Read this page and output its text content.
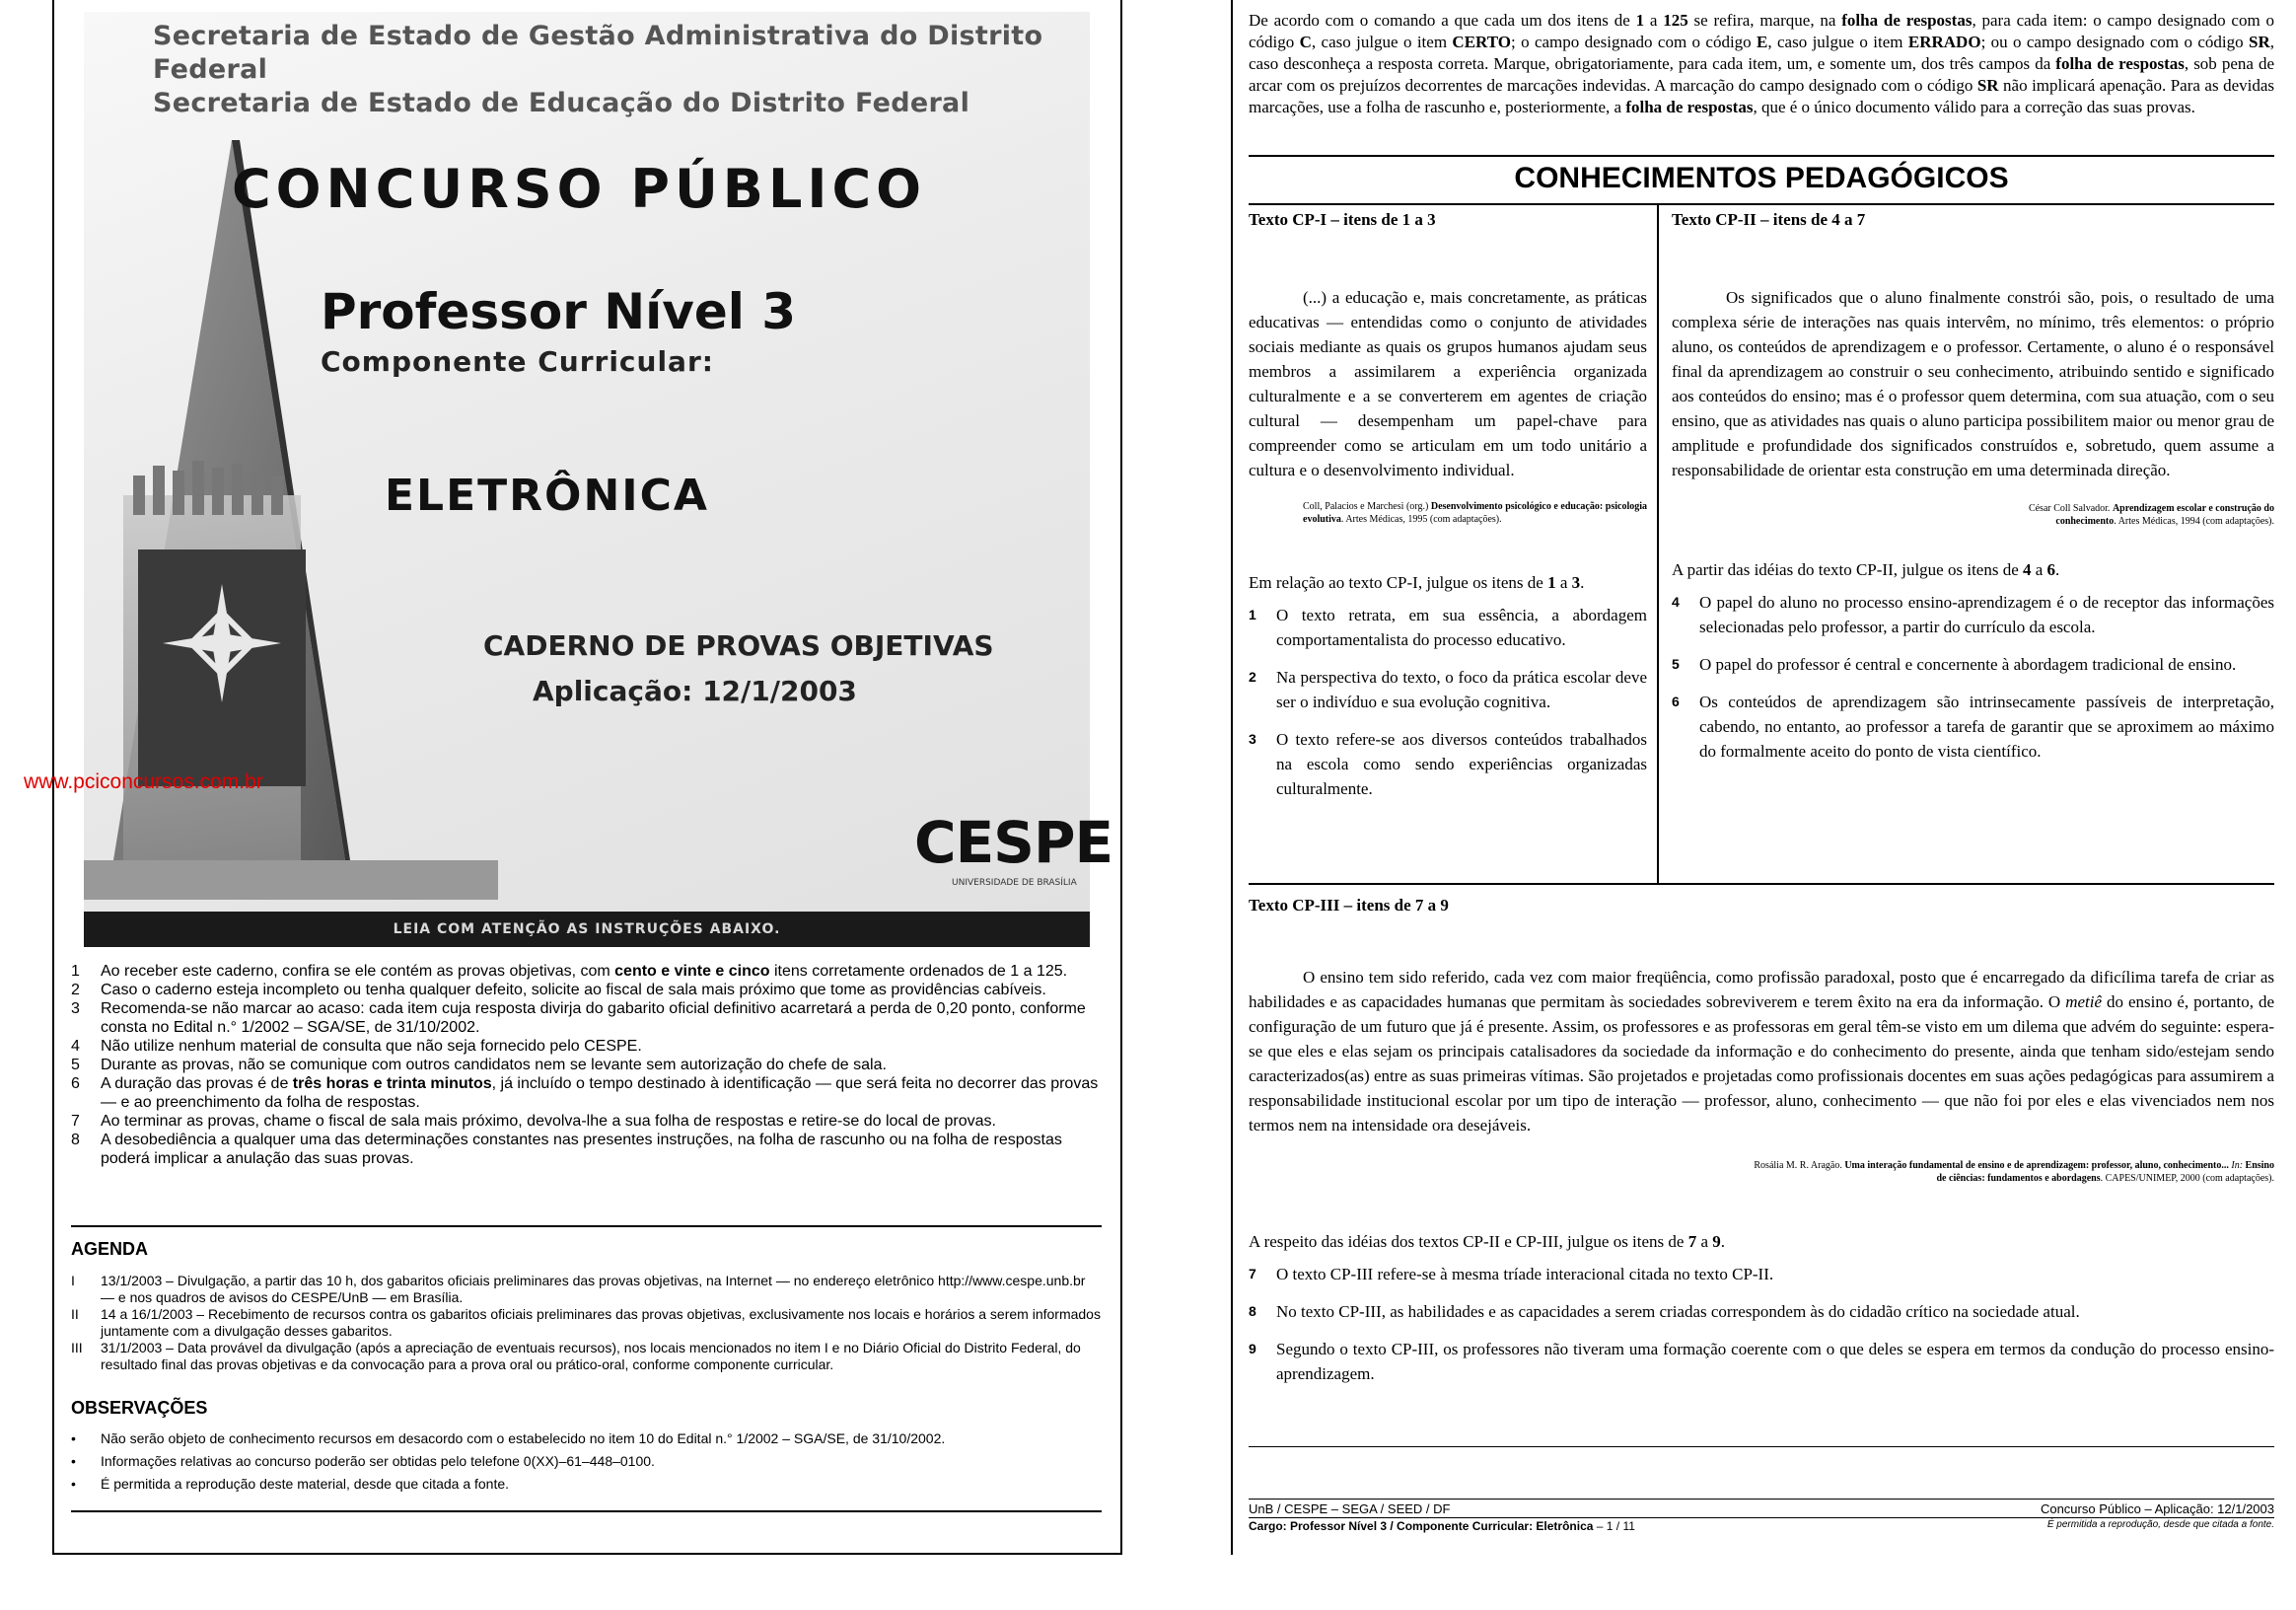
Secretaria de Estado de Gestão Administrativa do Distrito Federal
Secretaria de Estado de Educação do Distrito Federal
CONCURSO PÚBLICO
Professor Nível 3
Componente Curricular:
ELETRÔNICA
CADERNO DE PROVAS OBJETIVAS
Aplicação: 12/1/2003
CESPE
UNIVERSIDADE DE BRASÍLIA
LEIA COM ATENÇÃO AS INSTRUÇÕES ABAIXO.
www.pciconcursos.com.br
1	Ao receber este caderno, confira se ele contém as provas objetivas, com cento e vinte e cinco itens corretamente ordenados de 1 a 125.
2	Caso o caderno esteja incompleto ou tenha qualquer defeito, solicite ao fiscal de sala mais próximo que tome as providências cabíveis.
3	Recomenda-se não marcar ao acaso: cada item cuja resposta divirja do gabarito oficial definitivo acarretará a perda de 0,20 ponto, conforme consta no Edital n.° 1/2002 – SGA/SE, de 31/10/2002.
4	Não utilize nenhum material de consulta que não seja fornecido pelo CESPE.
5	Durante as provas, não se comunique com outros candidatos nem se levante sem autorização do chefe de sala.
6	A duração das provas é de três horas e trinta minutos, já incluído o tempo destinado à identificação — que será feita no decorrer das provas — e ao preenchimento da folha de respostas.
7	Ao terminar as provas, chame o fiscal de sala mais próximo, devolva-lhe a sua folha de respostas e retire-se do local de provas.
8	A desobediência a qualquer uma das determinações constantes nas presentes instruções, na folha de rascunho ou na folha de respostas poderá implicar a anulação das suas provas.
AGENDA
I	13/1/2003 – Divulgação, a partir das 10 h, dos gabaritos oficiais preliminares das provas objetivas, na Internet — no endereço eletrônico http://www.cespe.unb.br — e nos quadros de avisos do CESPE/UnB — em Brasília.
II	14 a 16/1/2003 – Recebimento de recursos contra os gabaritos oficiais preliminares das provas objetivas, exclusivamente nos locais e horários a serem informados juntamente com a divulgação desses gabaritos.
III	31/1/2003 – Data provável da divulgação (após a apreciação de eventuais recursos), nos locais mencionados no item I e no Diário Oficial do Distrito Federal, do resultado final das provas objetivas e da convocação para a prova oral ou prático-oral, conforme componente curricular.
OBSERVAÇÕES
•	Não serão objeto de conhecimento recursos em desacordo com o estabelecido no item 10 do Edital n.° 1/2002 – SGA/SE, de 31/10/2002.
•	Informações relativas ao concurso poderão ser obtidas pelo telefone 0(XX)–61–448–0100.
•	É permitida a reprodução deste material, desde que citada a fonte.
De acordo com o comando a que cada um dos itens de 1 a 125 se refira, marque, na folha de respostas, para cada item: o campo designado com o código C, caso julgue o item CERTO; o campo designado com o código E, caso julgue o item ERRADO; ou o campo designado com o código SR, caso desconheça a resposta correta. Marque, obrigatoriamente, para cada item, um, e somente um, dos três campos da folha de respostas, sob pena de arcar com os prejuízos decorrentes de marcações indevidas. A marcação do campo designado com o código SR não implicará apenação. Para as devidas marcações, use a folha de rascunho e, posteriormente, a folha de respostas, que é o único documento válido para a correção das suas provas.
CONHECIMENTOS PEDAGÓGICOS
Texto CP-I – itens de 1 a 3
(...) a educação e, mais concretamente, as práticas educativas — entendidas como o conjunto de atividades sociais mediante as quais os grupos humanos ajudam seus membros a assimilarem a experiência organizada culturalmente e a se converterem em agentes de criação cultural — desempenham um papel-chave para compreender como se articulam em um todo unitário a cultura e o desenvolvimento individual.
Coll, Palacios e Marchesi (org.) Desenvolvimento psicológico e educação: psicologia evolutiva. Artes Médicas, 1995 (com adaptações).
Em relação ao texto CP-I, julgue os itens de 1 a 3.
1	O texto retrata, em sua essência, a abordagem comportamentalista do processo educativo.
2	Na perspectiva do texto, o foco da prática escolar deve ser o indivíduo e sua evolução cognitiva.
3	O texto refere-se aos diversos conteúdos trabalhados na escola como sendo experiências organizadas culturalmente.
Texto CP-II – itens de 4 a 7
Os significados que o aluno finalmente constrói são, pois, o resultado de uma complexa série de interações nas quais intervêm, no mínimo, três elementos: o próprio aluno, os conteúdos de aprendizagem e o professor. Certamente, o aluno é o responsável final da aprendizagem ao construir o seu conhecimento, atribuindo sentido e significado aos conteúdos do ensino; mas é o professor quem determina, com sua atuação, com o seu ensino, que as atividades nas quais o aluno participa possibilitem maior ou menor grau de amplitude e profundidade dos significados construídos e, sobretudo, quem assume a responsabilidade de orientar esta construção em uma determinada direção.
César Coll Salvador. Aprendizagem escolar e construção do conhecimento. Artes Médicas, 1994 (com adaptações).
A partir das idéias do texto CP-II, julgue os itens de 4 a 6.
4	O papel do aluno no processo ensino-aprendizagem é o de receptor das informações selecionadas pelo professor, a partir do currículo da escola.
5	O papel do professor é central e concernente à abordagem tradicional de ensino.
6	Os conteúdos de aprendizagem são intrinsecamente passíveis de interpretação, cabendo, no entanto, ao professor a tarefa de garantir que se aproximem ao máximo do formalmente aceito do ponto de vista científico.
Texto CP-III – itens de 7 a 9
O ensino tem sido referido, cada vez com maior freqüência, como profissão paradoxal, posto que é encarregado da dificílima tarefa de criar as habilidades e as capacidades humanas que permitam às sociedades sobreviverem e terem êxito na era da informação. O metiê do ensino é, portanto, de configuração de um futuro que já é presente. Assim, os professores e as professoras em geral têm-se visto em um dilema que advém do seguinte: espera-se que eles e elas sejam os principais catalisadores da sociedade da informação e do conhecimento do presente, ainda que tenham sido/estejam sendo caracterizados(as) entre as suas primeiras vítimas. São projetados e projetadas como profissionais docentes em suas ações pedagógicas para assumirem a responsabilidade institucional escolar por um tipo de interação — professor, aluno, conhecimento — que não foi por eles e elas vivenciados nem nos termos nem na intensidade ora desejáveis.
Rosália M. R. Aragão. Uma interação fundamental de ensino e de aprendizagem: professor, aluno, conhecimento... In: Ensino de ciências: fundamentos e abordagens. CAPES/UNIMEP, 2000 (com adaptações).
A respeito das idéias dos textos CP-II e CP-III, julgue os itens de 7 a 9.
7	O texto CP-III refere-se à mesma tríade interacional citada no texto CP-II.
8	No texto CP-III, as habilidades e as capacidades a serem criadas correspondem às do cidadão crítico na sociedade atual.
9	Segundo o texto CP-III, os professores não tiveram uma formação coerente com o que deles se espera em termos da condução do processo ensino-aprendizagem.
UnB / CESPE – SEGA / SEED / DF	Concurso Público – Aplicação: 12/1/2003
Cargo: Professor Nível 3 / Componente Curricular: Eletrônica – 1 / 11	É permitida a reprodução, desde que citada a fonte.
